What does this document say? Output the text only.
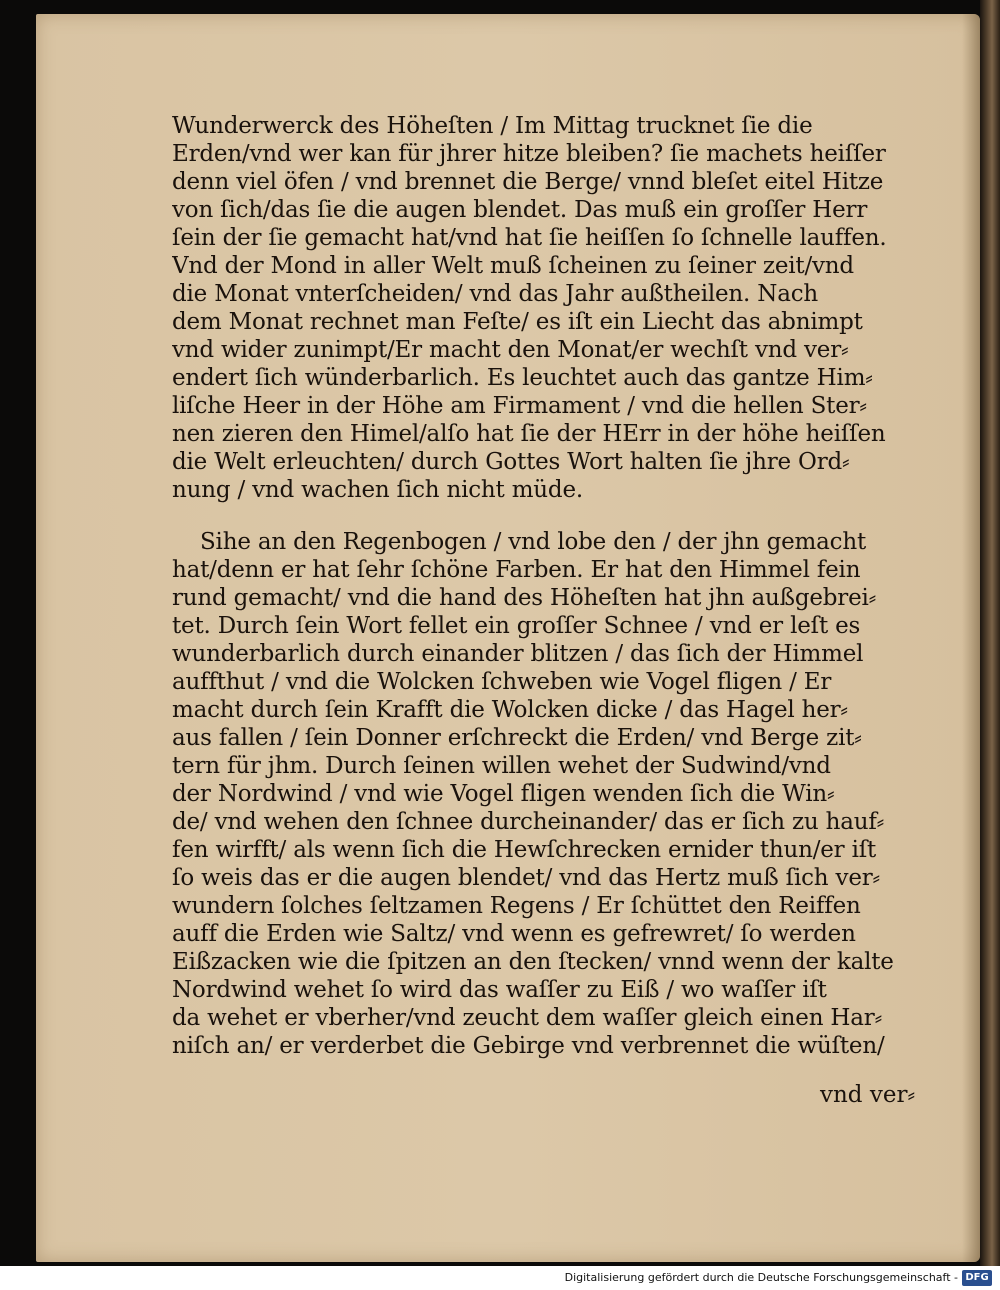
Wunderwerck des Höheſten / Im Mittag trucknet ſie die
Erden/vnd wer kan für jhrer hitze bleiben? ſie machets heiſſer
denn viel öfen / vnd brennet die Berge/ vnnd bleſet eitel Hitze
von ſich/das ſie die augen blendet. Das muß ein groſſer Herr
ſein der ſie gemacht hat/vnd hat ſie heiſſen ſo ſchnelle lauffen.
Vnd der Mond in aller Welt muß ſcheinen zu ſeiner zeit/vnd
die Monat vnterſcheiden/ vnd das Jahr außtheilen. Nach
dem Monat rechnet man Feſte/ es iſt ein Liecht das abnimpt
vnd wider zunimpt/Er macht den Monat/er wechſt vnd ver⸗
endert ſich wünderbarlich. Es leuchtet auch das gantze Him⸗
liſche Heer in der Höhe am Firmament / vnd die hellen Ster⸗
nen zieren den Himel/alſo hat ſie der HErr in der höhe heiſſen
die Welt erleuchten/ durch Gottes Wort halten ſie jhre Ord⸗
nung / vnd wachen ſich nicht müde.
Sihe an den Regenbogen / vnd lobe den / der jhn gemacht
hat/denn er hat ſehr ſchöne Farben. Er hat den Himmel fein
rund gemacht/ vnd die hand des Höheſten hat jhn außgebrei⸗
tet. Durch ſein Wort fellet ein groſſer Schnee / vnd er leſt es
wunderbarlich durch einander blitzen / das ſich der Himmel
auffthut / vnd die Wolcken ſchweben wie Vogel fligen / Er
macht durch ſein Krafft die Wolcken dicke / das Hagel her⸗
aus fallen / ſein Donner erſchreckt die Erden/ vnd Berge zit⸗
tern für jhm. Durch ſeinen willen wehet der Sudwind/vnd
der Nordwind / vnd wie Vogel fligen wenden ſich die Win⸗
de/ vnd wehen den ſchnee durcheinander/ das er ſich zu hauf⸗
fen wirfft/ als wenn ſich die Hewſchrecken ernider thun/er iſt
ſo weis das er die augen blendet/ vnd das Hertz muß ſich ver⸗
wundern ſolches ſeltzamen Regens / Er ſchüttet den Reiffen
auff die Erden wie Saltz/ vnd wenn es gefrewret/ ſo werden
Eißzacken wie die ſpitzen an den ſtecken/ vnnd wenn der kalte
Nordwind wehet ſo wird das waſſer zu Eiß / wo waſſer iſt
da wehet er vberher/vnd zeucht dem waſſer gleich einen Har⸗
niſch an/ er verderbet die Gebirge vnd verbrennet die wüſten/
vnd ver⸗
Digitalisierung gefördert durch die Deutsche Forschungsgemeinschaft - DFG
